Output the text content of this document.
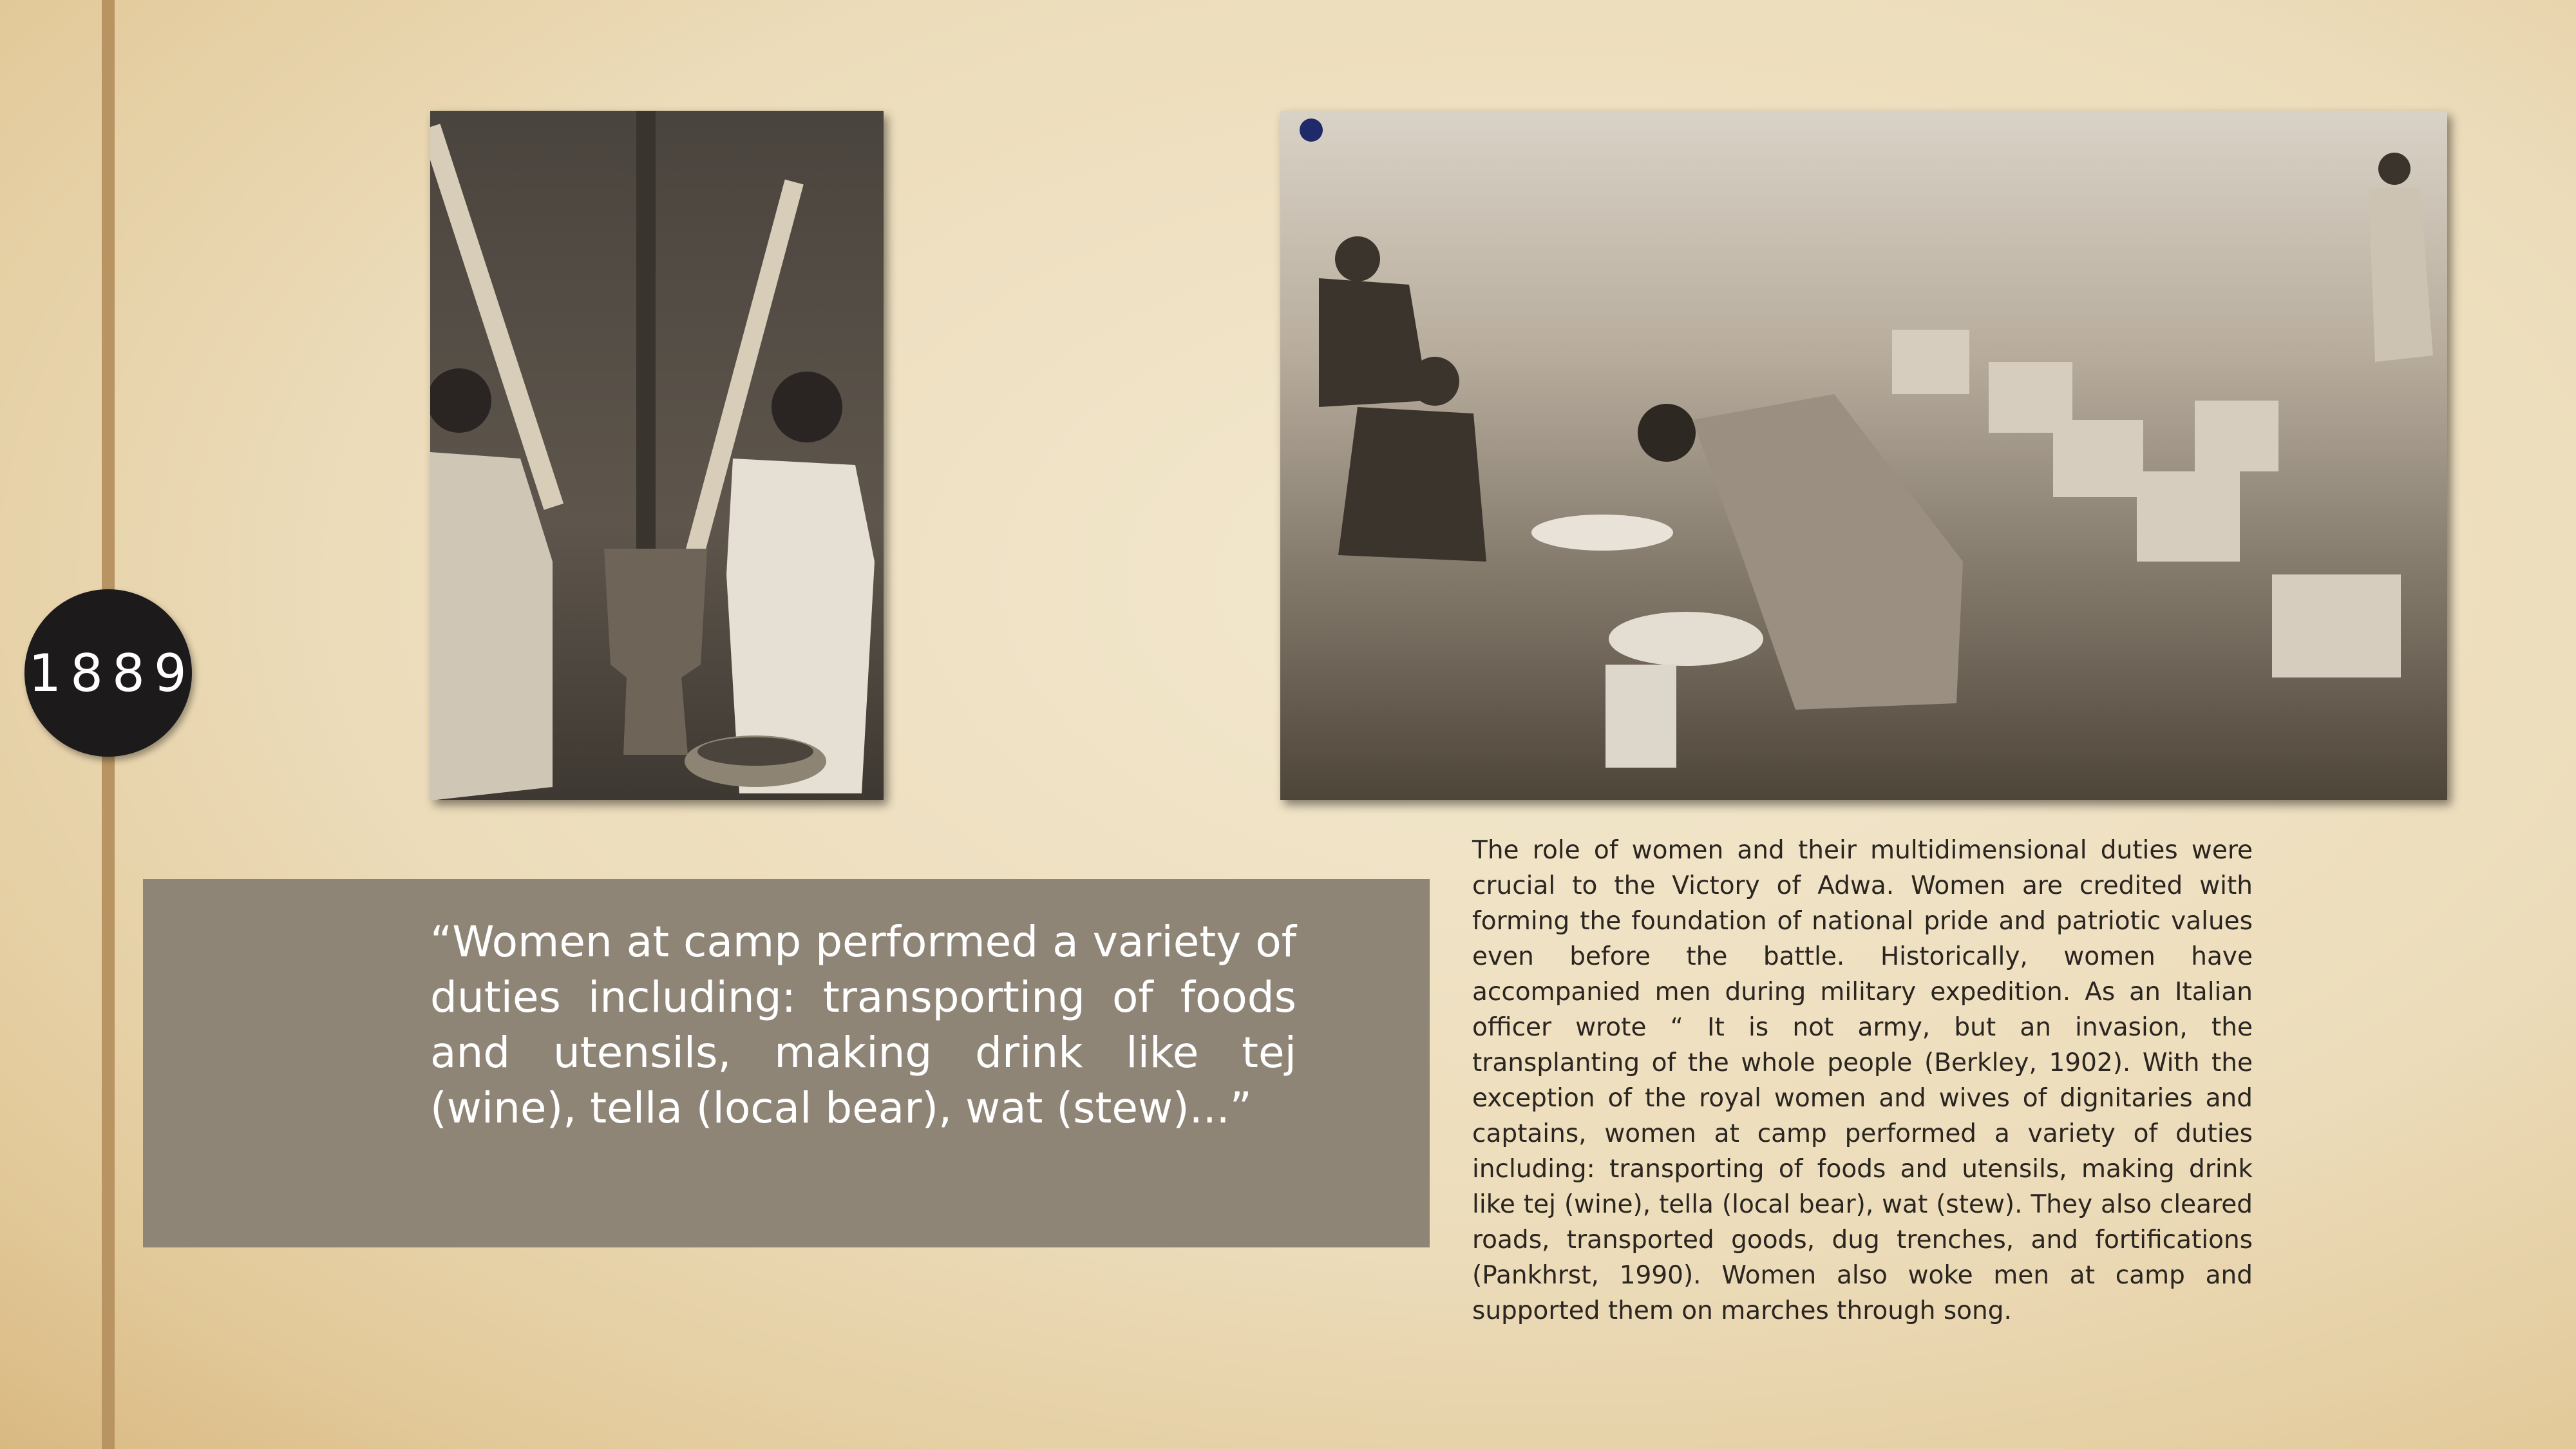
1889

“Women at camp performed a variety of duties including: transporting of foods and utensils, making drink like tej (wine), tella (local bear), wat (stew)...”

The role of women and their multidimensional duties were crucial to the Victory of Adwa. Women are credited with forming the foundation of national pride and patriotic values even before the battle. Historically, women have accompanied men during military expedition. As an Italian officer wrote “ It is not army, but an invasion, the transplanting of the whole people (Berkley, 1902). With the exception of the royal women and wives of dignitaries and captains, women at camp performed a variety of duties including: transporting of foods and utensils, making drink like tej (wine), tella (local bear), wat (stew). They also cleared roads, transported goods, dug trenches, and fortifications (Pankhrst, 1990). Women also woke men at camp and supported them on marches through song.
